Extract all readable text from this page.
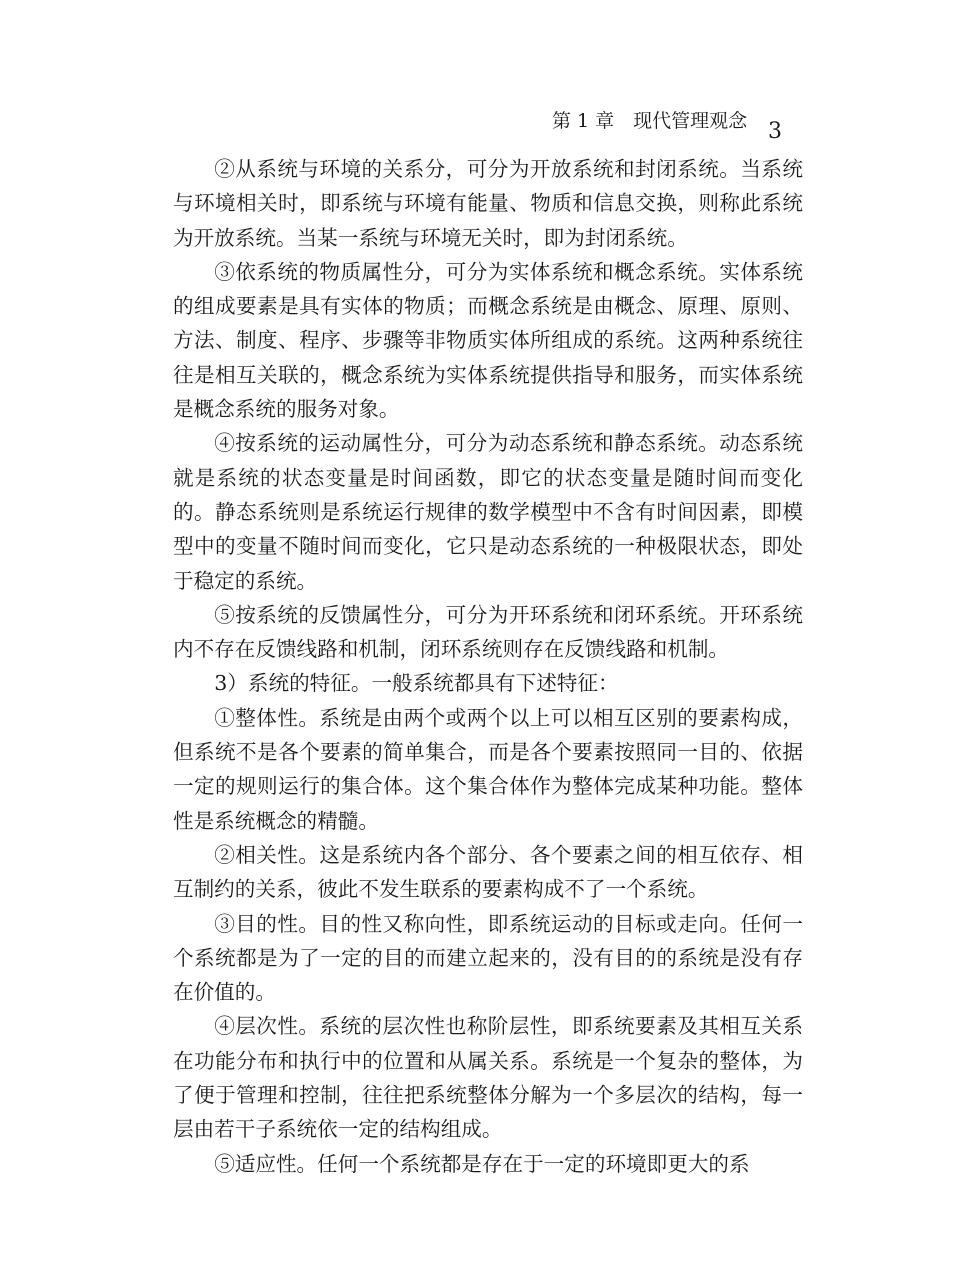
第 1 章　现代管理观念 3

②从系统与环境的关系分，可分为开放系统和封闭系统。当系统与环境相关时，即系统与环境有能量、物质和信息交换，则称此系统为开放系统。当某一系统与环境无关时，即为封闭系统。

③依系统的物质属性分，可分为实体系统和概念系统。实体系统的组成要素是具有实体的物质；而概念系统是由概念、原理、原则、方法、制度、程序、步骤等非物质实体所组成的系统。这两种系统往往是相互关联的，概念系统为实体系统提供指导和服务，而实体系统是概念系统的服务对象。

④按系统的运动属性分，可分为动态系统和静态系统。动态系统就是系统的状态变量是时间函数，即它的状态变量是随时间而变化的。静态系统则是系统运行规律的数学模型中不含有时间因素，即模型中的变量不随时间而变化，它只是动态系统的一种极限状态，即处于稳定的系统。

⑤按系统的反馈属性分，可分为开环系统和闭环系统。开环系统内不存在反馈线路和机制，闭环系统则存在反馈线路和机制。

3）系统的特征。一般系统都具有下述特征：

①整体性。系统是由两个或两个以上可以相互区别的要素构成，但系统不是各个要素的简单集合，而是各个要素按照同一目的、依据一定的规则运行的集合体。这个集合体作为整体完成某种功能。整体性是系统概念的精髓。

②相关性。这是系统内各个部分、各个要素之间的相互依存、相互制约的关系，彼此不发生联系的要素构成不了一个系统。

③目的性。目的性又称向性，即系统运动的目标或走向。任何一个系统都是为了一定的目的而建立起来的，没有目的的系统是没有存在价值的。

④层次性。系统的层次性也称阶层性，即系统要素及其相互关系在功能分布和执行中的位置和从属关系。系统是一个复杂的整体，为了便于管理和控制，往往把系统整体分解为一个多层次的结构，每一层由若干子系统依一定的结构组成。

⑤适应性。任何一个系统都是存在于一定的环境即更大的系
